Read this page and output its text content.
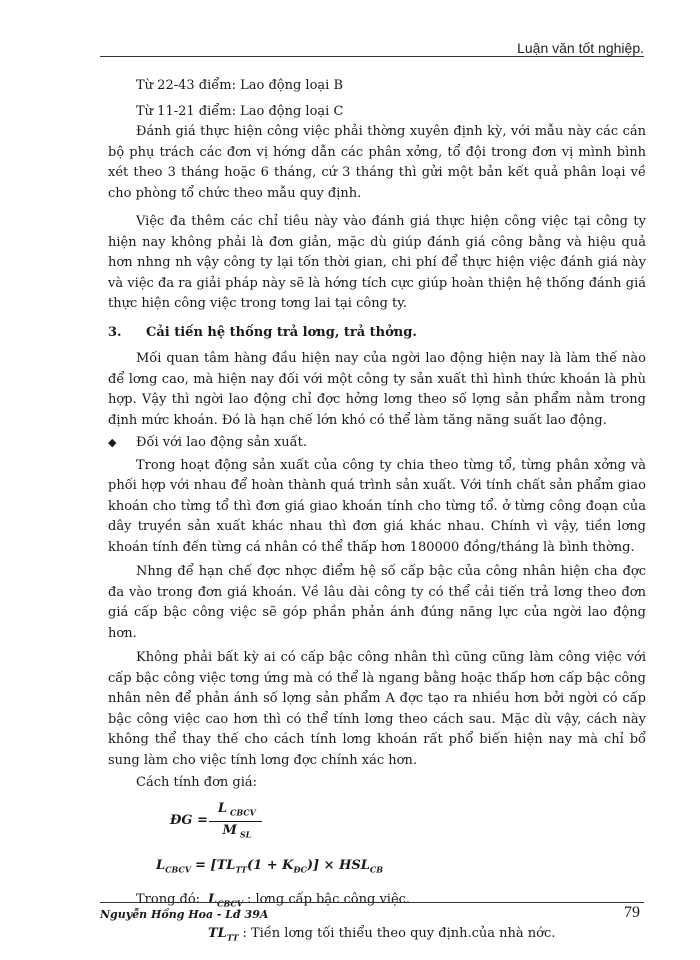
Luận văn tốt nghiệp.

Từ 22-43 điểm: Lao động loại B

Từ 11-21 điểm: Lao động loại C

Đánh giá thực hiện công việc phải thờng xuyên định kỳ, với mẫu này các cán bộ phụ trách các đơn vị hớng dẫn các phân xởng, tổ đội trong đơn vị mình bình xét theo 3 tháng hoặc 6 tháng, cứ 3 tháng thì gửi một bản kết quả phân loại về cho phòng tổ chức theo mẫu quy định.

Việc đa thêm các chỉ tiêu này vào đánh giá thực hiện công việc tại công ty hiện nay không phải là đơn giản, mặc dù giúp đánh giá công bằng và hiệu quả hơn nhng nh vậy công ty lại tốn thời gian, chi phí để thực hiện việc đánh giá này và việc đa ra giải pháp này sẽ là hớng tích cực giúp hoàn thiện hệ thống đánh giá thực hiện công việc trong tơng lai tại công ty.

3.	Cải tiến hệ thống trả lơng, trả thởng.

Mối quan tâm hàng đầu hiện nay của ngời lao động hiện nay là làm thế nào để lơng cao, mà hiện nay đối với một công ty sản xuất thì hình thức khoán là phù hợp. Vậy thì ngời lao động chỉ đợc hởng lơng theo số lợng sản phẩm nằm trong định mức khoán. Đó là hạn chế lớn khó có thể làm tăng năng suất lao động.

◆	Đối với lao động sản xuất.

Trong hoạt động sản xuất của công ty chia theo từng tổ, từng phân xởng và phối hợp với nhau để hoàn thành quá trình sản xuất. Với tính chất sản phẩm giao khoán cho từng tổ thì đơn giá giao khoán tính cho từng tổ. ở từng công đoạn của dây truyền sản xuất khác nhau thì đơn giá khác nhau. Chính vì vậy, tiền lơng khoán tính đến từng cá nhân có thể thấp hơn 180000 đồng/tháng là bình thờng.

Nhng để hạn chế đợc nhợc điểm hệ số cấp bậc của công nhân hiện cha đợc đa vào trong đơn giá khoán. Về lâu dài công ty có thể cải tiến trả lơng theo đơn giá cấp bậc công việc sẽ góp phần phản ánh đúng năng lực của ngời lao động hơn.

Không phải bất kỳ ai có cấp bậc công nhân thì cũng cũng làm công việc với cấp bậc công việc tơng ứng mà có thể là ngang bằng hoặc thấp hơn cấp bậc công nhân nên để phản ánh số lợng sản phẩm A đợc tạo ra nhiều hơn bởi ngời có cấp bậc công việc cao hơn thì có thể tính lơng theo cách sau. Mặc dù vậy, cách này không thể thay thế cho cách tính lơng khoán rất phổ biến hiện nay mà chỉ bổ sung làm cho việc tính lơng đợc chính xác hơn.

Cách tính đơn giá:

ĐG = $\frac{L _{CBCV}}{M _{SL}}$
$L_{CBCV} = [TL_{TT}(1 + K_{ĐC})] \times HSL_{CB}$
Trong đó: $L_{CBCV}$ : lơng cấp bậc công việc.
$TL_{TT}$ : Tiền lơng tối thiểu theo quy định.của nhà nớc.
Nguyễn Hồng Hoa - Lđ 39A	79
